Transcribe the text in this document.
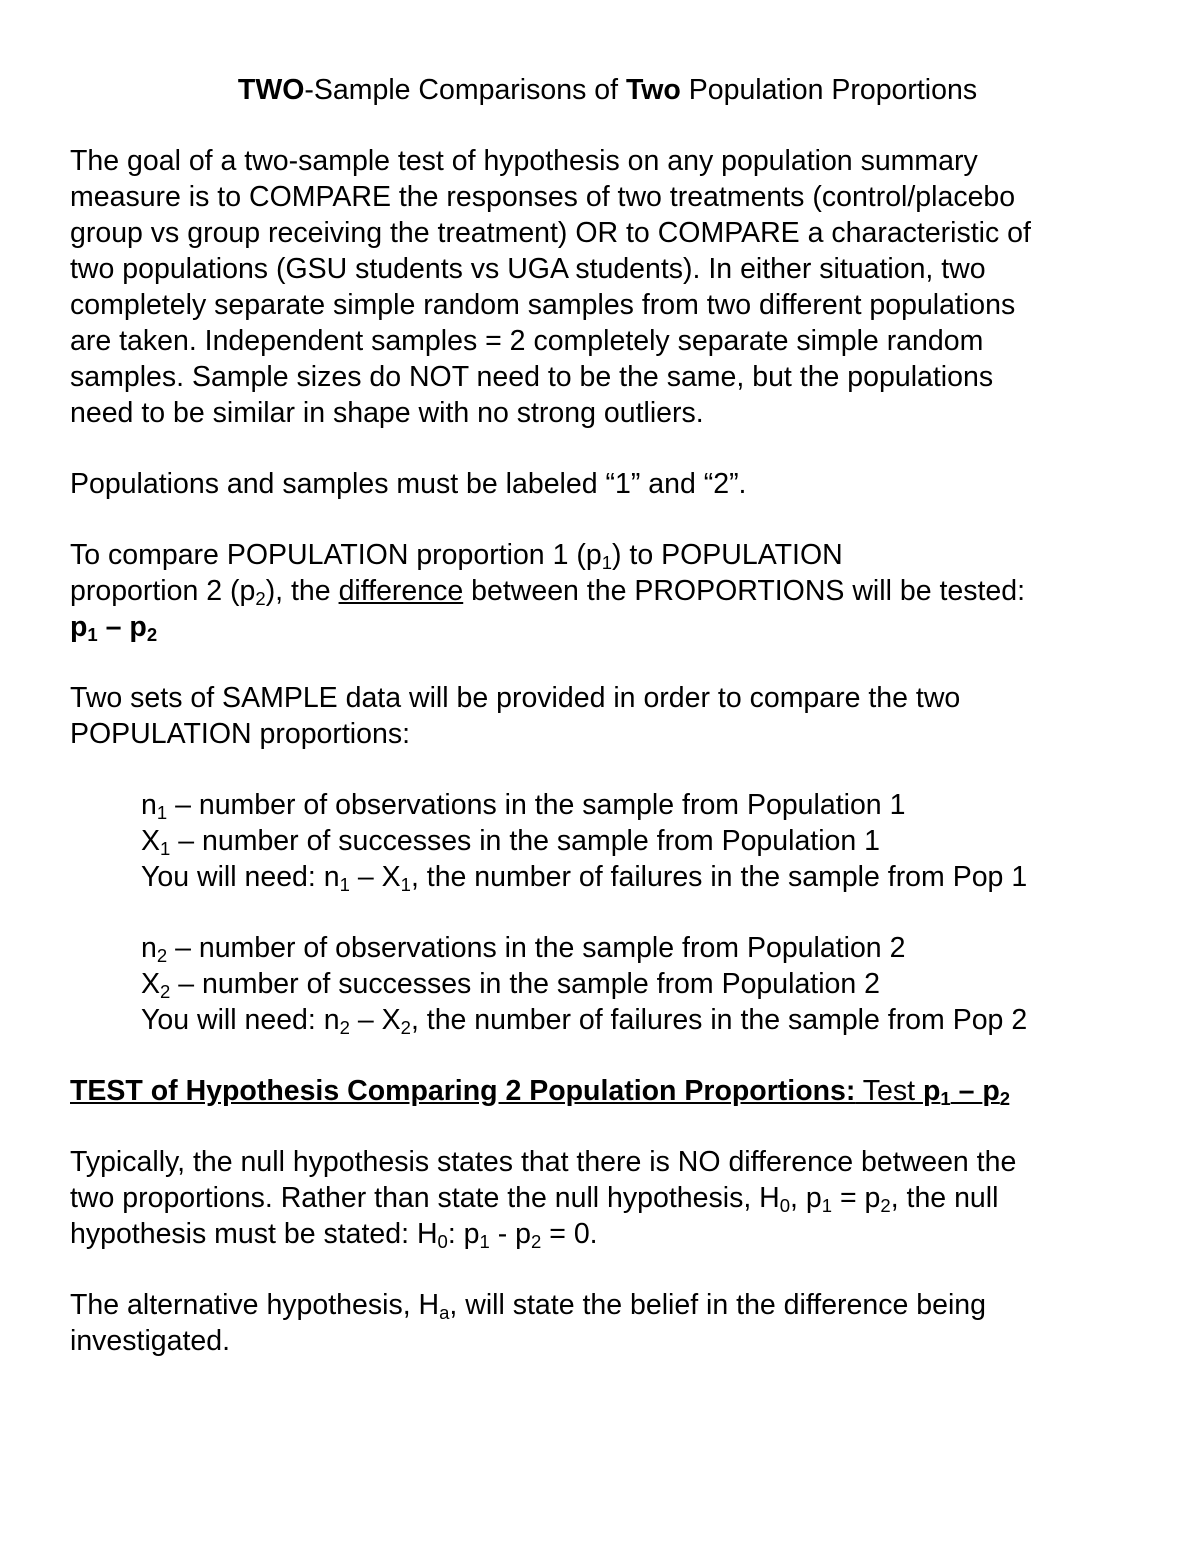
TWO-Sample Comparisons of Two Population Proportions
The goal of a two-sample test of hypothesis on any population summary
measure is to COMPARE the responses of two treatments (control/placebo
group vs group receiving the treatment) OR to COMPARE a characteristic of
two populations (GSU students vs UGA students). In either situation, two
completely separate simple random samples from two different populations
are taken. Independent samples = 2 completely separate simple random
samples. Sample sizes do NOT need to be the same, but the populations
need to be similar in shape with no strong outliers.
Populations and samples must be labeled “1” and “2”.
To compare POPULATION proportion 1 $(p_1)$ to POPULATION
proportion 2 $(p_2)$, the difference between the PROPORTIONS will be tested:
$p_1 - p_2$
Two sets of SAMPLE data will be provided in order to compare the two
POPULATION proportions:
$n_1$ – number of observations in the sample from Population 1
$X_1$ – number of successes in the sample from Population 1
You will need: $n_1 - X_1$, the number of failures in the sample from Pop 1
$n_2$ – number of observations in the sample from Population 2
$X_2$ – number of successes in the sample from Population 2
You will need: $n_2 - X_2$, the number of failures in the sample from Pop 2
TEST of Hypothesis Comparing 2 Population Proportions: Test $p_1 - p_2$
Typically, the null hypothesis states that there is NO difference between the
two proportions. Rather than state the null hypothesis, $H_0$, $p_1 = p_2$, the null
hypothesis must be stated: $H_0$: $p_1 - p_2 = 0$.
The alternative hypothesis, $H_a$, will state the belief in the difference being
investigated.
